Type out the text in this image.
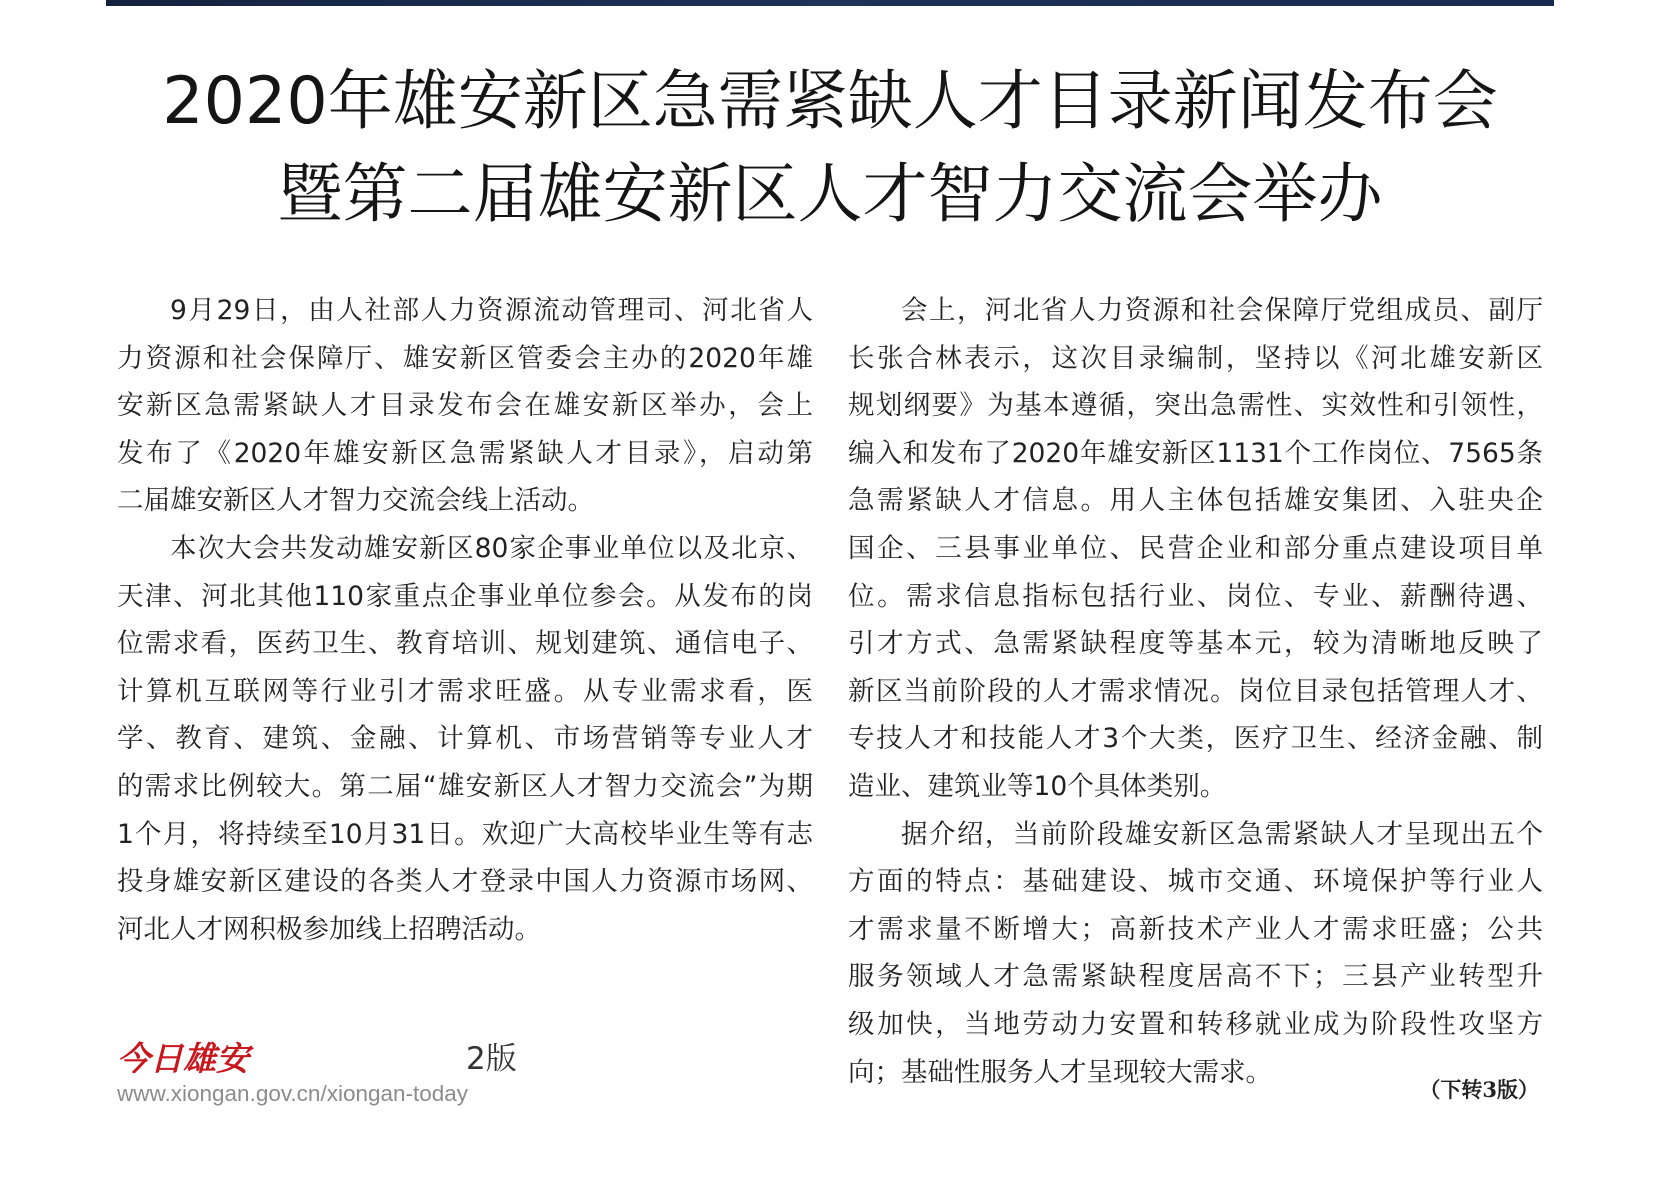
2020年雄安新区急需紧缺人才目录新闻发布会
暨第二届雄安新区人才智力交流会举办
9月29日，由人社部人力资源流动管理司、河北省人
力资源和社会保障厅、雄安新区管委会主办的2020年雄
安新区急需紧缺人才目录发布会在雄安新区举办，会上
发布了《2020年雄安新区急需紧缺人才目录》，启动第
二届雄安新区人才智力交流会线上活动。
本次大会共发动雄安新区80家企事业单位以及北京、
天津、河北其他110家重点企事业单位参会。从发布的岗
位需求看，医药卫生、教育培训、规划建筑、通信电子、
计算机互联网等行业引才需求旺盛。从专业需求看，医
学、教育、建筑、金融、计算机、市场营销等专业人才
的需求比例较大。第二届“雄安新区人才智力交流会”为期
1个月，将持续至10月31日。欢迎广大高校毕业生等有志
投身雄安新区建设的各类人才登录中国人力资源市场网、
河北人才网积极参加线上招聘活动。
会上，河北省人力资源和社会保障厅党组成员、副厅
长张合林表示，这次目录编制，坚持以《河北雄安新区
规划纲要》为基本遵循，突出急需性、实效性和引领性，
编入和发布了2020年雄安新区1131个工作岗位、7565条
急需紧缺人才信息。用人主体包括雄安集团、入驻央企
国企、三县事业单位、民营企业和部分重点建设项目单
位。需求信息指标包括行业、岗位、专业、薪酬待遇、
引才方式、急需紧缺程度等基本元，较为清晰地反映了
新区当前阶段的人才需求情况。岗位目录包括管理人才、
专技人才和技能人才3个大类，医疗卫生、经济金融、制
造业、建筑业等10个具体类别。
据介绍，当前阶段雄安新区急需紧缺人才呈现出五个
方面的特点：基础建设、城市交通、环境保护等行业人
才需求量不断增大；高新技术产业人才需求旺盛；公共
服务领域人才急需紧缺程度居高不下；三县产业转型升
级加快，当地劳动力安置和转移就业成为阶段性攻坚方
向；基础性服务人才呈现较大需求。
（下转3版）
今日雄安	2版
www.xiongan.gov.cn/xiongan-today
